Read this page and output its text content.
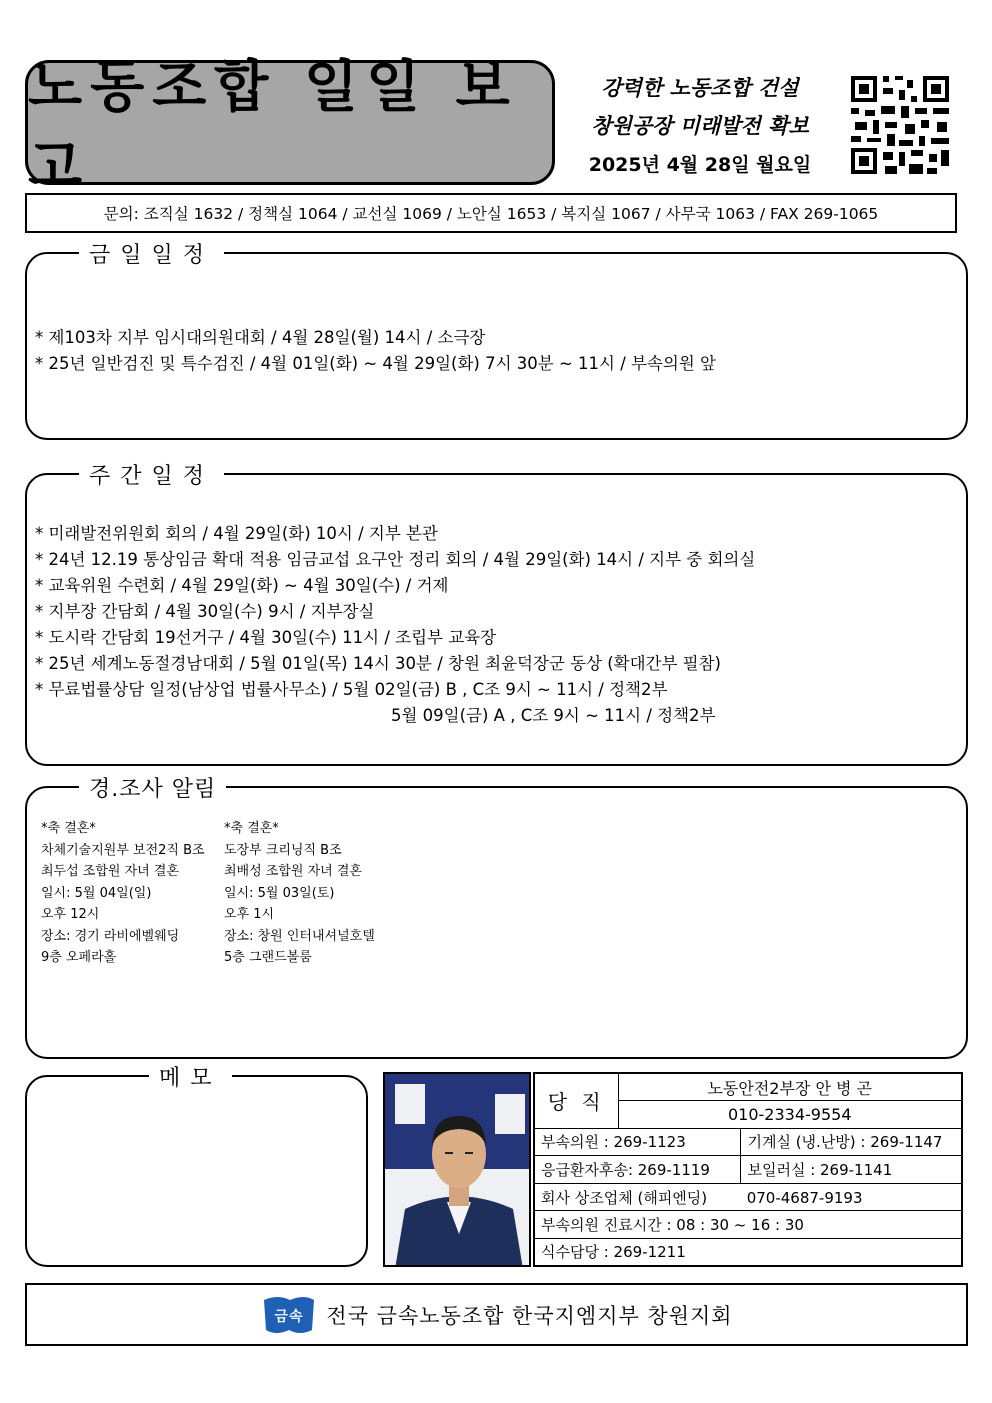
노동조합 일일 보고
강력한 노동조합 건설
창원공장 미래발전 확보
2025년 4월 28일 월요일
문의: 조직실 1632 / 정책실 1064 / 교선실 1069 / 노안실 1653 / 복지실 1067 / 사무국 1063 / FAX 269-1065
금일일정
* 제103차 지부 임시대의원대회 / 4월 28일(월) 14시 / 소극장
* 25년 일반검진 및 특수검진 / 4월 01일(화) ~ 4월 29일(화) 7시 30분 ~ 11시 / 부속의원 앞
주간일정
* 미래발전위원회 회의 / 4월 29일(화) 10시 / 지부 본관
* 24년 12.19 통상임금 확대 적용 임금교섭 요구안 정리 회의 / 4월 29일(화) 14시 / 지부 중 회의실
* 교육위원 수련회 / 4월 29일(화) ~ 4월 30일(수) / 거제
* 지부장 간담회 / 4월 30일(수) 9시 / 지부장실
* 도시락 간담회 19선거구 / 4월 30일(수) 11시 / 조립부 교육장
* 25년 세계노동절경남대회 / 5월 01일(목) 14시 30분 / 창원 최윤덕장군 동상 (확대간부 필참)
* 무료법률상담 일정(남상업 법률사무소) / 5월 02일(금) B , C조 9시 ~ 11시 / 정책2부
5월 09일(금) A , C조 9시 ~ 11시 / 정책2부
경.조사 알림
*축 결혼*
차체기술지원부 보전2직 B조
최두섭 조합원 자녀 결혼
일시: 5월 04일(일)
오후 12시
장소: 경기 라비에벨웨딩
9층 오페라홀
*축 결혼*
도장부 크리닝직 B조
최배성 조합원 자녀 결혼
일시: 5월 03일(토)
오후 1시
장소: 창원 인터내셔널호텔
5층 그랜드볼룸
메모
당 직	노동안전2부장 안 병 곤	
	010-2334-9554	
부속의원 : 269-1123		기계실 (냉.난방) : 269-1147
응급환자후송: 269-1119		보일러실 : 269-1141
회사 상조업체 (해피엔딩) 070-4687-9193		
부속의원 진료시간 : 08 : 30 ~ 16 : 30		
식수담당 : 269-1211		
금속 전국 금속노동조합 한국지엠지부 창원지회
